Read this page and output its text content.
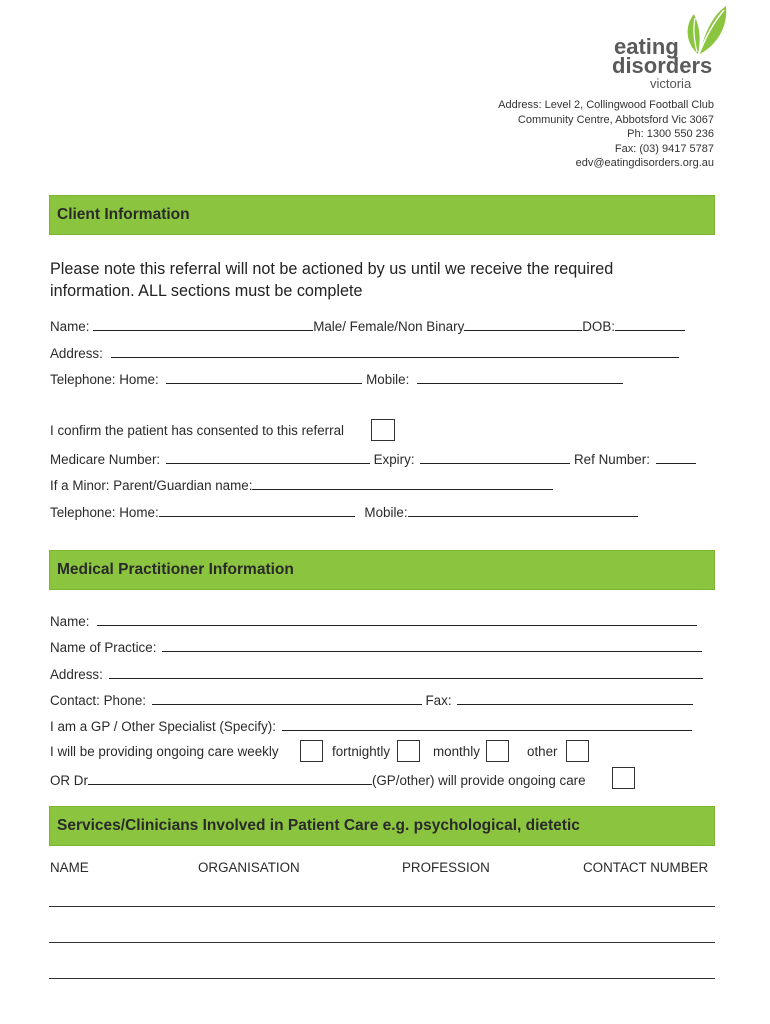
eating
disorders
victoria
Address: Level 2, Collingwood Football Club
Community Centre, Abbotsford Vic 3067
Ph: 1300 550 236
Fax: (03) 9417 5787
edv@eatingdisorders.org.au
Client Information
Please note this referral will not be actioned by us until we receive the required
information. ALL sections must be complete
Name:	Male/ Female/Non Binary	DOB:
Address:
Telephone: Home:	Mobile:
I confirm the patient has consented to this referral
Medicare Number:	Expiry:	Ref Number:
If a Minor: Parent/Guardian name:
Telephone: Home:	Mobile:
Medical Practitioner Information
Name:
Name of Practice:
Address:
Contact: Phone:	Fax:
I am a GP / Other Specialist (Specify):
I will be providing ongoing care weekly	fortnightly	monthly	other
OR Dr	(GP/other) will provide ongoing care
Services/Clinicians Involved in Patient Care e.g. psychological, dietetic
NAME	ORGANISATION	PROFESSION	CONTACT NUMBER
